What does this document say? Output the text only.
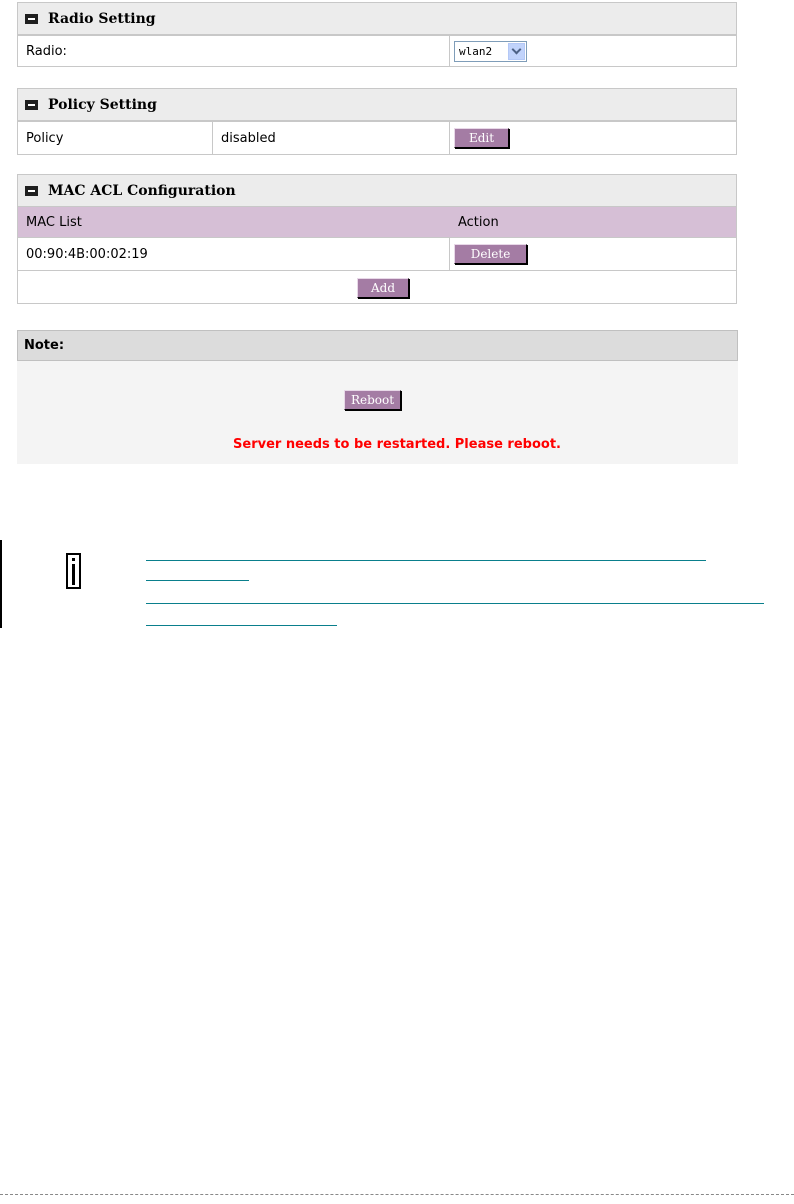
Radio Setting
Radio:	wlan2
Policy Setting
Policy	disabled	Edit
MAC ACL Configuration
MAC List	Action
00:90:4B:00:02:19	Delete
Add
Note:
Reboot
Server needs to be restarted. Please reboot.
